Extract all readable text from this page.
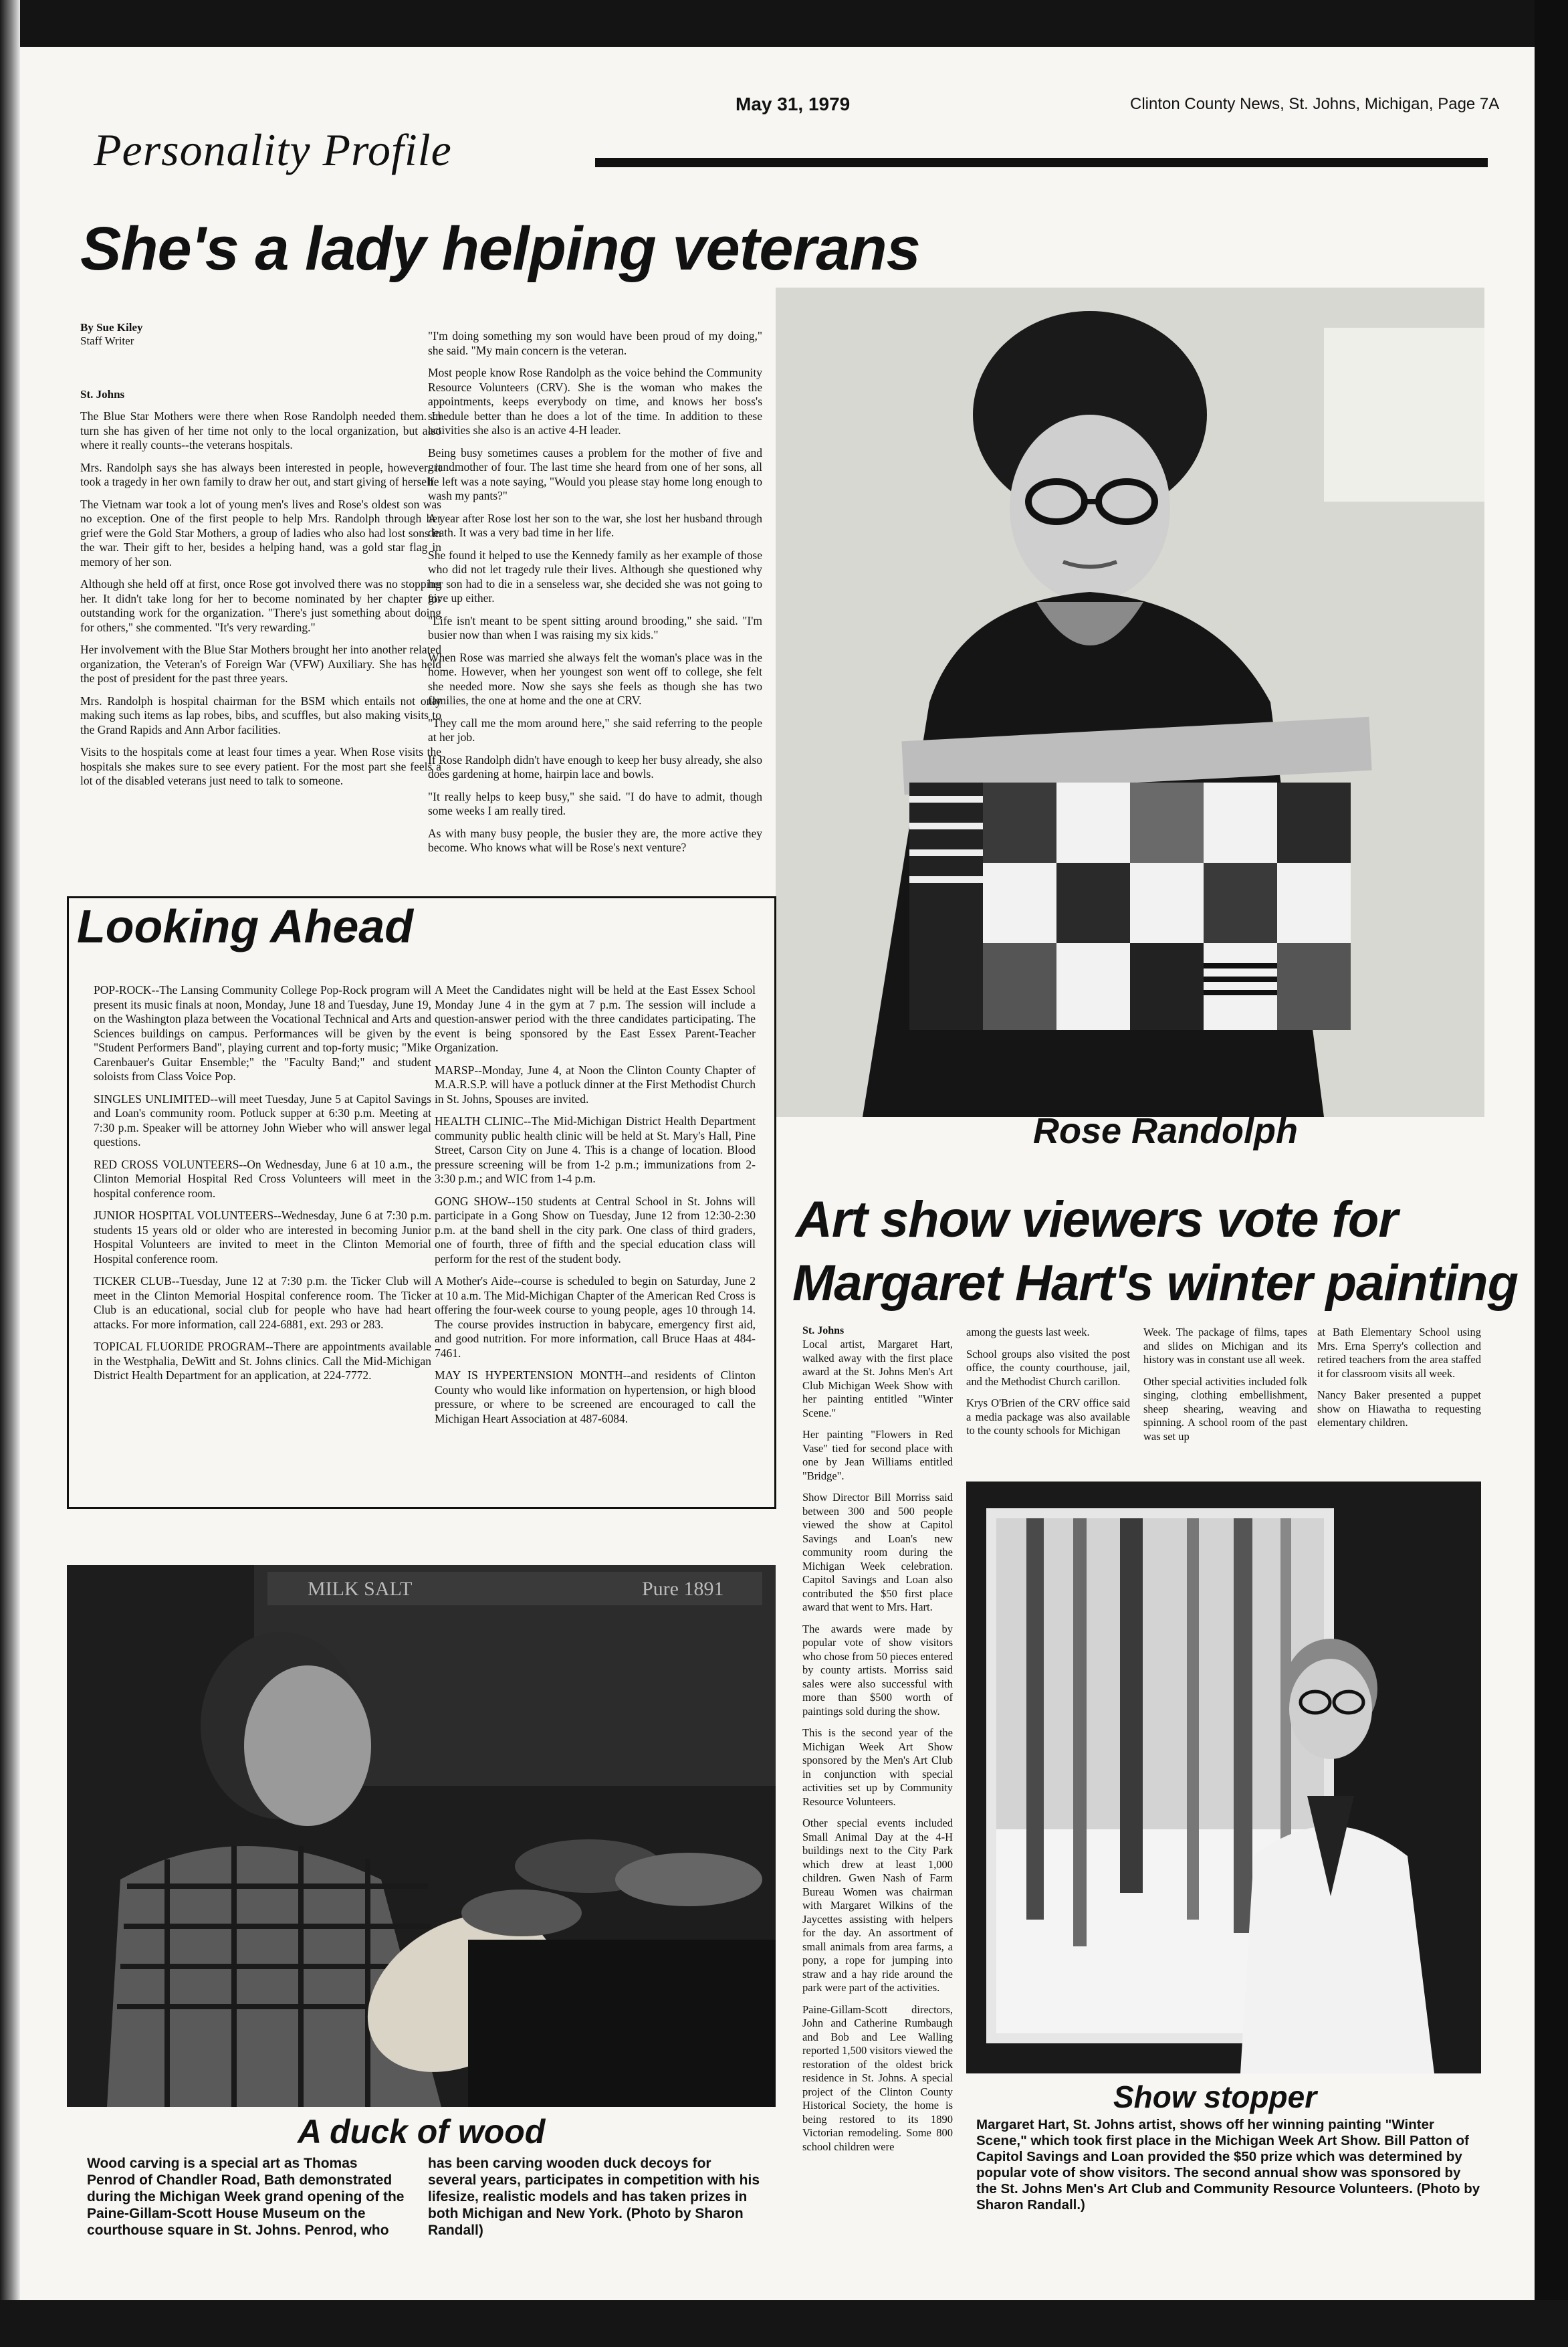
May 31, 1979	Clinton County News, St. Johns, Michigan, Page 7A
Personality Profile
She's a lady helping veterans
By Sue Kiley
Staff Writer
St. Johns

The Blue Star Mothers were there when Rose Randolph needed them. In turn she has given of her time not only to the local organization, but also where it really counts--the veterans hospitals.

Mrs. Randolph says she has always been interested in people, however, it took a tragedy in her own family to draw her out, and start giving of herself.

The Vietnam war took a lot of young men's lives and Rose's oldest son was no exception. One of the first people to help Mrs. Randolph through her grief were the Gold Star Mothers, a group of ladies who also had lost sons in the war. Their gift to her, besides a helping hand, was a gold star flag in memory of her son.

Although she held off at first, once Rose got involved there was no stopping her. It didn't take long for her to become nominated by her chapter for outstanding work for the organization. "There's just something about doing for others," she commented. "It's very rewarding."

Her involvement with the Blue Star Mothers brought her into another related organization, the Veteran's of Foreign War (VFW) Auxiliary. She has held the post of president for the past three years.

Mrs. Randolph is hospital chairman for the BSM which entails not only making such items as lap robes, bibs, and scuffles, but also making visits to the Grand Rapids and Ann Arbor facilities.

Visits to the hospitals come at least four times a year. When Rose visits the hospitals she makes sure to see every patient. For the most part she feels a lot of the disabled veterans just need to talk to someone.

"I'm doing something my son would have been proud of my doing," she said. "My main concern is the veteran.

Most people know Rose Randolph as the voice behind the Community Resource Volunteers (CRV). She is the woman who makes the appointments, keeps everybody on time, and knows her boss's schedule better than he does a lot of the time. In addition to these activities she also is an active 4-H leader.

Being busy sometimes causes a problem for the mother of five and grandmother of four. The last time she heard from one of her sons, all he left was a note saying, "Would you please stay home long enough to wash my pants?"

A year after Rose lost her son to the war, she lost her husband through death. It was a very bad time in her life.

She found it helped to use the Kennedy family as her example of those who did not let tragedy rule their lives. Although she questioned why her son had to die in a senseless war, she decided she was not going to give up either.

"Life isn't meant to be spent sitting around brooding," she said. "I'm busier now than when I was raising my six kids."

When Rose was married she always felt the woman's place was in the home. However, when her youngest son went off to college, she felt she needed more. Now she says she feels as though she has two families, the one at home and the one at CRV.

"They call me the mom around here," she said referring to the people at her job.

If Rose Randolph didn't have enough to keep her busy already, she also does gardening at home, hairpin lace and bowls.

"It really helps to keep busy," she said. "I do have to admit, though some weeks I am really tired.

As with many busy people, the busier they are, the more active they become. Who knows what will be Rose's next venture?

Rose Randolph
Looking Ahead

POP-ROCK--The Lansing Community College Pop-Rock program will present its music finals at noon, Monday, June 18 and Tuesday, June 19, on the Washington plaza between the Vocational Technical and Arts and Sciences buildings on campus. Performances will be given by the "Student Performers Band", playing current and top-forty music; "Mike Carenbauer's Guitar Ensemble;" the "Faculty Band;" and student soloists from Class Voice Pop.

SINGLES UNLIMITED--will meet Tuesday, June 5 at Capitol Savings and Loan's community room. Potluck supper at 6:30 p.m. Meeting at 7:30 p.m. Speaker will be attorney John Wieber who will answer legal questions.

RED CROSS VOLUNTEERS--On Wednesday, June 6 at 10 a.m., the Clinton Memorial Hospital Red Cross Volunteers will meet in the hospital conference room.

JUNIOR HOSPITAL VOLUNTEERS--Wednesday, June 6 at 7:30 p.m. students 15 years old or older who are interested in becoming Junior Hospital Volunteers are invited to meet in the Clinton Memorial Hospital conference room.

TICKER CLUB--Tuesday, June 12 at 7:30 p.m. the Ticker Club will meet in the Clinton Memorial Hospital conference room. The Ticker Club is an educational, social club for people who have had heart attacks. For more information, call 224-6881, ext. 293 or 283.

TOPICAL FLUORIDE PROGRAM--There are appointments available in the Westphalia, DeWitt and St. Johns clinics. Call the Mid-Michigan District Health Department for an application, at 224-7772.

A Meet the Candidates night will be held at the East Essex School Monday June 4 in the gym at 7 p.m. The session will include a question-answer period with the three candidates participating. The event is being sponsored by the East Essex Parent-Teacher Organization.

MARSP--Monday, June 4, at Noon the Clinton County Chapter of M.A.R.S.P. will have a potluck dinner at the First Methodist Church in St. Johns, Spouses are invited.

HEALTH CLINIC--The Mid-Michigan District Health Department community public health clinic will be held at St. Mary's Hall, Pine Street, Carson City on June 4. This is a change of location. Blood pressure screening will be from 1-2 p.m.; immunizations from 2-3:30 p.m.; and WIC from 1-4 p.m.

GONG SHOW--150 students at Central School in St. Johns will participate in a Gong Show on Tuesday, June 12 from 12:30-2:30 p.m. at the band shell in the city park. One class of third graders, one of fourth, three of fifth and the special education class will perform for the rest of the student body.

A Mother's Aide--course is scheduled to begin on Saturday, June 2 at 10 a.m. The Mid-Michigan Chapter of the American Red Cross is offering the four-week course to young people, ages 10 through 14. The course provides instruction in babycare, emergency first aid, and good nutrition. For more information, call Bruce Haas at 484-7461.

MAY IS HYPERTENSION MONTH--and residents of Clinton County who would like information on hypertension, or high blood pressure, or where to be screened are encouraged to call the Michigan Heart Association at 487-6084.

Art show viewers vote for
Margaret Hart's winter painting
St. Johns

Local artist, Margaret Hart, walked away with the first place award at the St. Johns Men's Art Club Michigan Week Show with her painting entitled "Winter Scene."

Her painting "Flowers in Red Vase" tied for second place with one by Jean Williams entitled "Bridge".

Show Director Bill Morriss said between 300 and 500 people viewed the show at Capitol Savings and Loan's new community room during the Michigan Week celebration. Capitol Savings and Loan also contributed the $50 first place award that went to Mrs. Hart.

The awards were made by popular vote of show visitors who chose from 50 pieces entered by county artists. Morriss said sales were also successful with more than $500 worth of paintings sold during the show.

This is the second year of the Michigan Week Art Show sponsored by the Men's Art Club in conjunction with special activities set up by Community Resource Volunteers.

Other special events included Small Animal Day at the 4-H buildings next to the City Park which drew at least 1,000 children. Gwen Nash of Farm Bureau Women was chairman with Margaret Wilkins of the Jaycettes assisting with helpers for the day. An assortment of small animals from area farms, a pony, a rope for jumping into straw and a hay ride around the park were part of the activities.

Paine-Gillam-Scott directors, John and Catherine Rumbaugh and Bob and Lee Walling reported 1,500 visitors viewed the restoration of the oldest brick residence in St. Johns. A special project of the Clinton County Historical Society, the home is being restored to its 1890 Victorian remodeling. Some 800 school children were

among the guests last week.

School groups also visited the post office, the county courthouse, jail, and the Methodist Church carillon.

Krys O'Brien of the CRV office said a media package was also available to the county schools for Michigan

Week. The package of films, tapes and slides on Michigan and its history was in constant use all week.

Other special activities included folk singing, clothing embellishment, sheep shearing, weaving and spinning. A school room of the past was set up

at Bath Elementary School using Mrs. Erna Sperry's collection and retired teachers from the area staffed it for classroom visits all week.

Nancy Baker presented a puppet show on Hiawatha to requesting elementary children.

Show stopper
Margaret Hart, St. Johns artist, shows off her winning painting "Winter Scene," which took first place in the Michigan Week Art Show. Bill Patton of Capitol Savings and Loan provided the $50 prize which was determined by popular vote of show visitors. The second annual show was sponsored by the St. Johns Men's Art Club and Community Resource Volunteers. (Photo by Sharon Randall.)
MILK SALT	Pure 1891
A duck of wood
Wood carving is a special art as Thomas Penrod of Chandler Road, Bath demonstrated during the Michigan Week grand opening of the Paine-Gillam-Scott House Museum on the courthouse square in St. Johns. Penrod, who
has been carving wooden duck decoys for several years, participates in competition with his lifesize, realistic models and has taken prizes in both Michigan and New York. (Photo by Sharon Randall)
